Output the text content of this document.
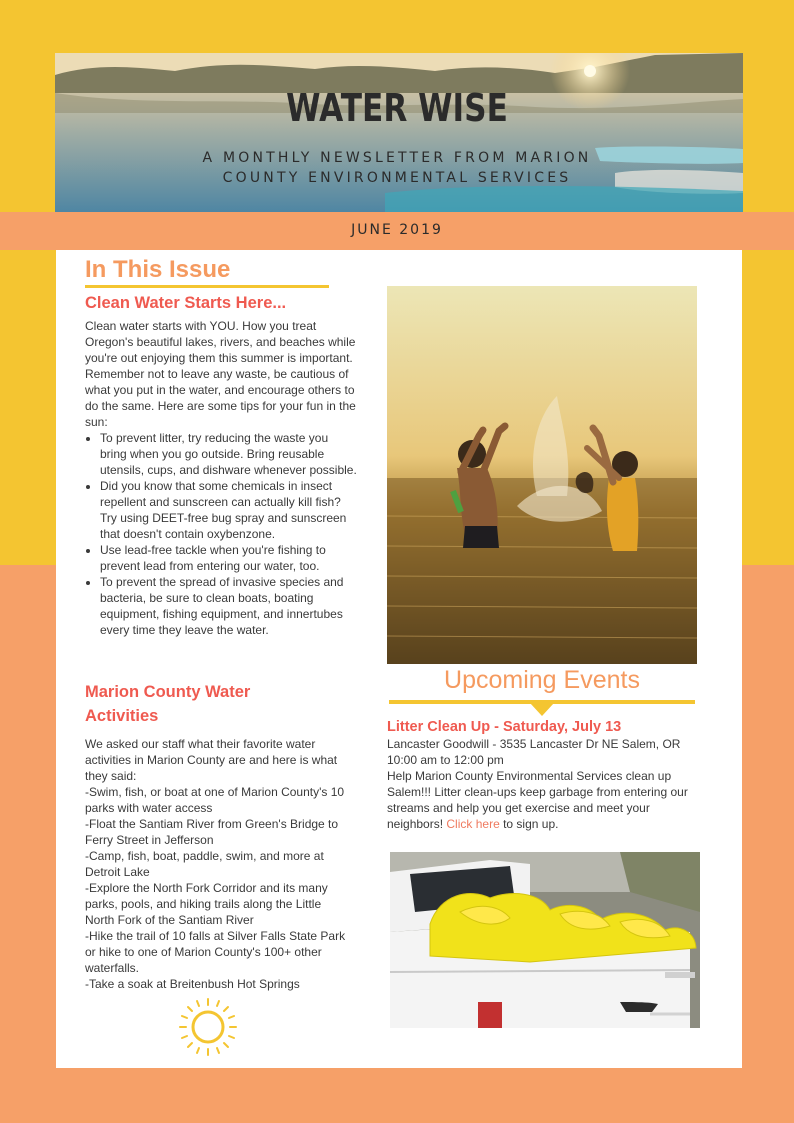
WATER WISE
A MONTHLY NEWSLETTER FROM MARION COUNTY ENVIRONMENTAL SERVICES
JUNE 2019
In This Issue
Clean Water Starts Here...

Clean water starts with YOU. How you treat Oregon's beautiful lakes, rivers, and beaches while you're out enjoying them this summer is important. Remember not to leave any waste, be cautious of what you put in the water, and encourage others to do the same. Here are some tips for your fun in the sun:

• To prevent litter, try reducing the waste you bring when you go outside. Bring reusable utensils, cups, and dishware whenever possible.
• Did you know that some chemicals in insect repellent and sunscreen can actually kill fish? Try using DEET-free bug spray and sunscreen that doesn't contain oxybenzone.
• Use lead-free tackle when you're fishing to prevent lead from entering our water, too.
• To prevent the spread of invasive species and bacteria, be sure to clean boats, boating equipment, fishing equipment, and innertubes every time they leave the water.
Marion County Water Activities

We asked our staff what their favorite water activities in Marion County are and here is what they said:

-Swim, fish, or boat at one of Marion County's 10 parks with water access

-Float the Santiam River from Green's Bridge to Ferry Street in Jefferson

-Camp, fish, boat, paddle, swim, and more at Detroit Lake

-Explore the North Fork Corridor and its many parks, pools, and hiking trails along the Little North Fork of the Santiam River

-Hike the trail of 10 falls at Silver Falls State Park or hike to one of Marion County's 100+ other waterfalls.

-Take a soak at Breitenbush Hot Springs

Upcoming Events
Litter Clean Up - Saturday, July 13

Lancaster Goodwill - 3535 Lancaster Dr NE Salem, OR

10:00 am to 12:00 pm

Help Marion County Environmental Services clean up Salem!!! Litter clean-ups keep garbage from entering our streams and help you get exercise and meet your neighbors! Click here to sign up.
